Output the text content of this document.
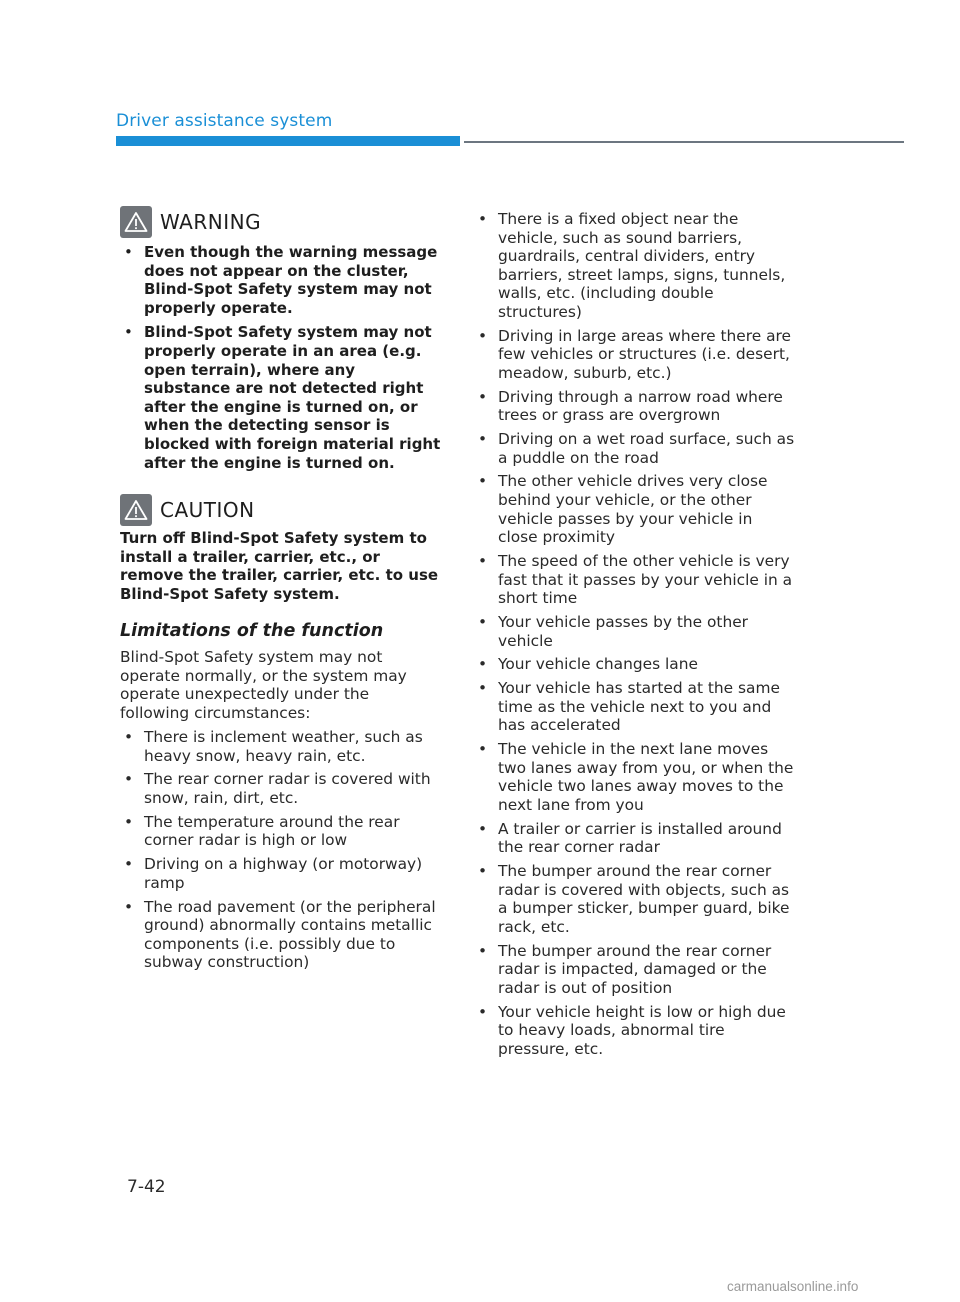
Driver assistance system
WARNING
• Even though the warning message does not appear on the cluster, Blind-Spot Safety system may not properly operate.
• Blind-Spot Safety system may not properly operate in an area (e.g. open terrain), where any substance are not detected right after the engine is turned on, or when the detecting sensor is blocked with foreign material right after the engine is turned on.
CAUTION
Turn off Blind-Spot Safety system to install a trailer, carrier, etc., or remove the trailer, carrier, etc. to use Blind-Spot Safety system.
Limitations of the function
Blind-Spot Safety system may not operate normally, or the system may operate unexpectedly under the following circumstances:
• There is inclement weather, such as heavy snow, heavy rain, etc.
• The rear corner radar is covered with snow, rain, dirt, etc.
• The temperature around the rear corner radar is high or low
• Driving on a highway (or motorway) ramp
• The road pavement (or the peripheral ground) abnormally contains metallic components (i.e. possibly due to subway construction)
• There is a fixed object near the vehicle, such as sound barriers, guardrails, central dividers, entry barriers, street lamps, signs, tunnels, walls, etc. (including double structures)
• Driving in large areas where there are few vehicles or structures (i.e. desert, meadow, suburb, etc.)
• Driving through a narrow road where trees or grass are overgrown
• Driving on a wet road surface, such as a puddle on the road
• The other vehicle drives very close behind your vehicle, or the other vehicle passes by your vehicle in close proximity
• The speed of the other vehicle is very fast that it passes by your vehicle in a short time
• Your vehicle passes by the other vehicle
• Your vehicle changes lane
• Your vehicle has started at the same time as the vehicle next to you and has accelerated
• The vehicle in the next lane moves two lanes away from you, or when the vehicle two lanes away moves to the next lane from you
• A trailer or carrier is installed around the rear corner radar
• The bumper around the rear corner radar is covered with objects, such as a bumper sticker, bumper guard, bike rack, etc.
• The bumper around the rear corner radar is impacted, damaged or the radar is out of position
• Your vehicle height is low or high due to heavy loads, abnormal tire pressure, etc.
7-42
carmanualsonline.info
